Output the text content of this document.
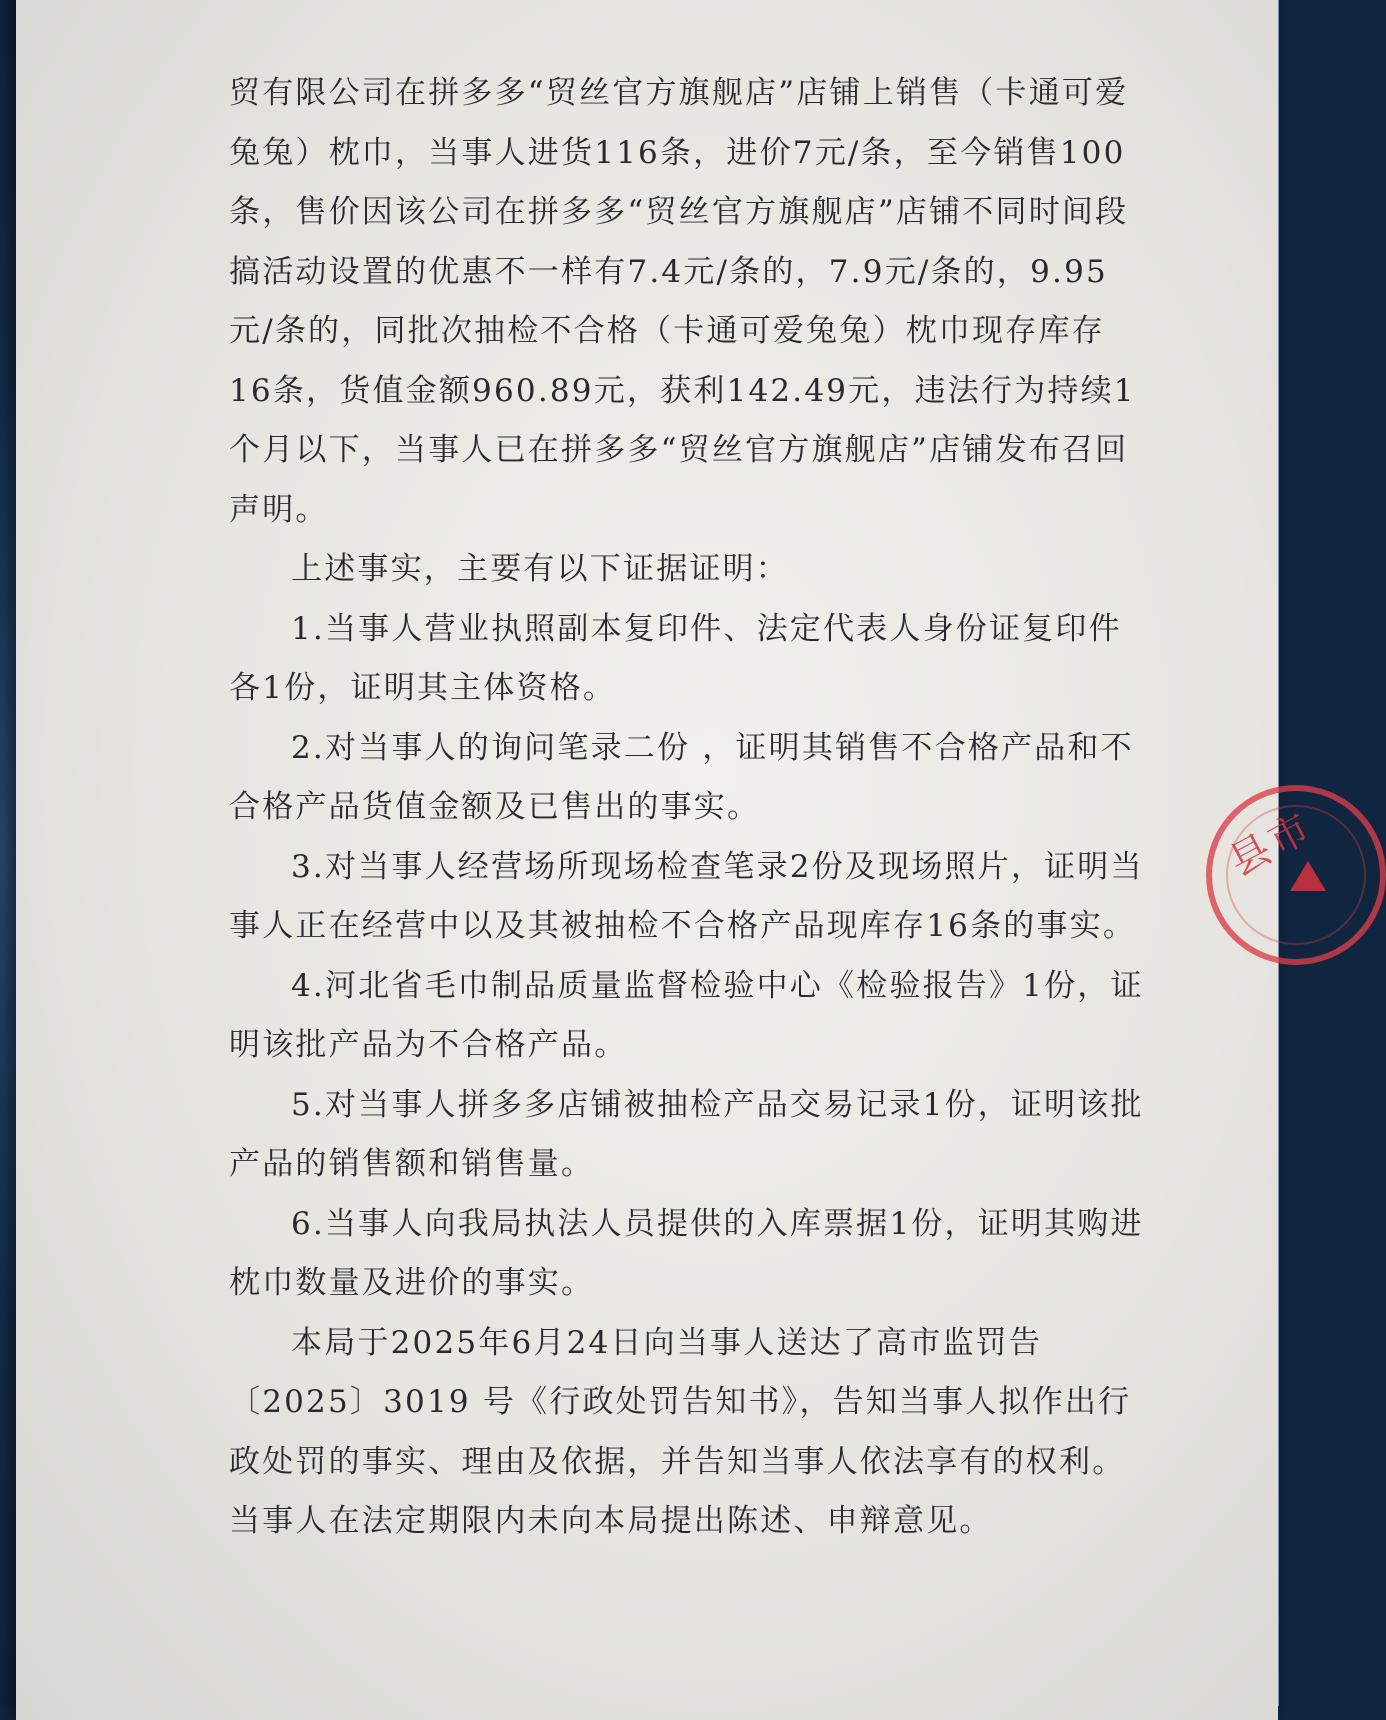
贸有限公司在拼多多“贸丝官方旗舰店”店铺上销售（卡通可爱兔兔）枕巾，当事人进货116条，进价7元/条，至今销售100条，售价因该公司在拼多多“贸丝官方旗舰店”店铺不同时间段搞活动设置的优惠不一样有7.4元/条的，7.9元/条的，9.95元/条的，同批次抽检不合格（卡通可爱兔兔）枕巾现存库存16条，货值金额960.89元，获利142.49元，违法行为持续1个月以下，当事人已在拼多多“贸丝官方旗舰店”店铺发布召回声明。

上述事实，主要有以下证据证明：

1.当事人营业执照副本复印件、法定代表人身份证复印件各1份，证明其主体资格。

2.对当事人的询问笔录二份 ，证明其销售不合格产品和不合格产品货值金额及已售出的事实。

3.对当事人经营场所现场检查笔录2份及现场照片，证明当事人正在经营中以及其被抽检不合格产品现库存16条的事实。

4.河北省毛巾制品质量监督检验中心《检验报告》1份，证明该批产品为不合格产品。

5.对当事人拼多多店铺被抽检产品交易记录1份，证明该批产品的销售额和销售量。

6.当事人向我局执法人员提供的入库票据1份，证明其购进枕巾数量及进价的事实。

本局于2025年6月24日向当事人送达了高市监罚告〔2025〕3019 号《行政处罚告知书》，告知当事人拟作出行政处罚的事实、理由及依据，并告知当事人依法享有的权利。当事人在法定期限内未向本局提出陈述、申辩意见。

县市
